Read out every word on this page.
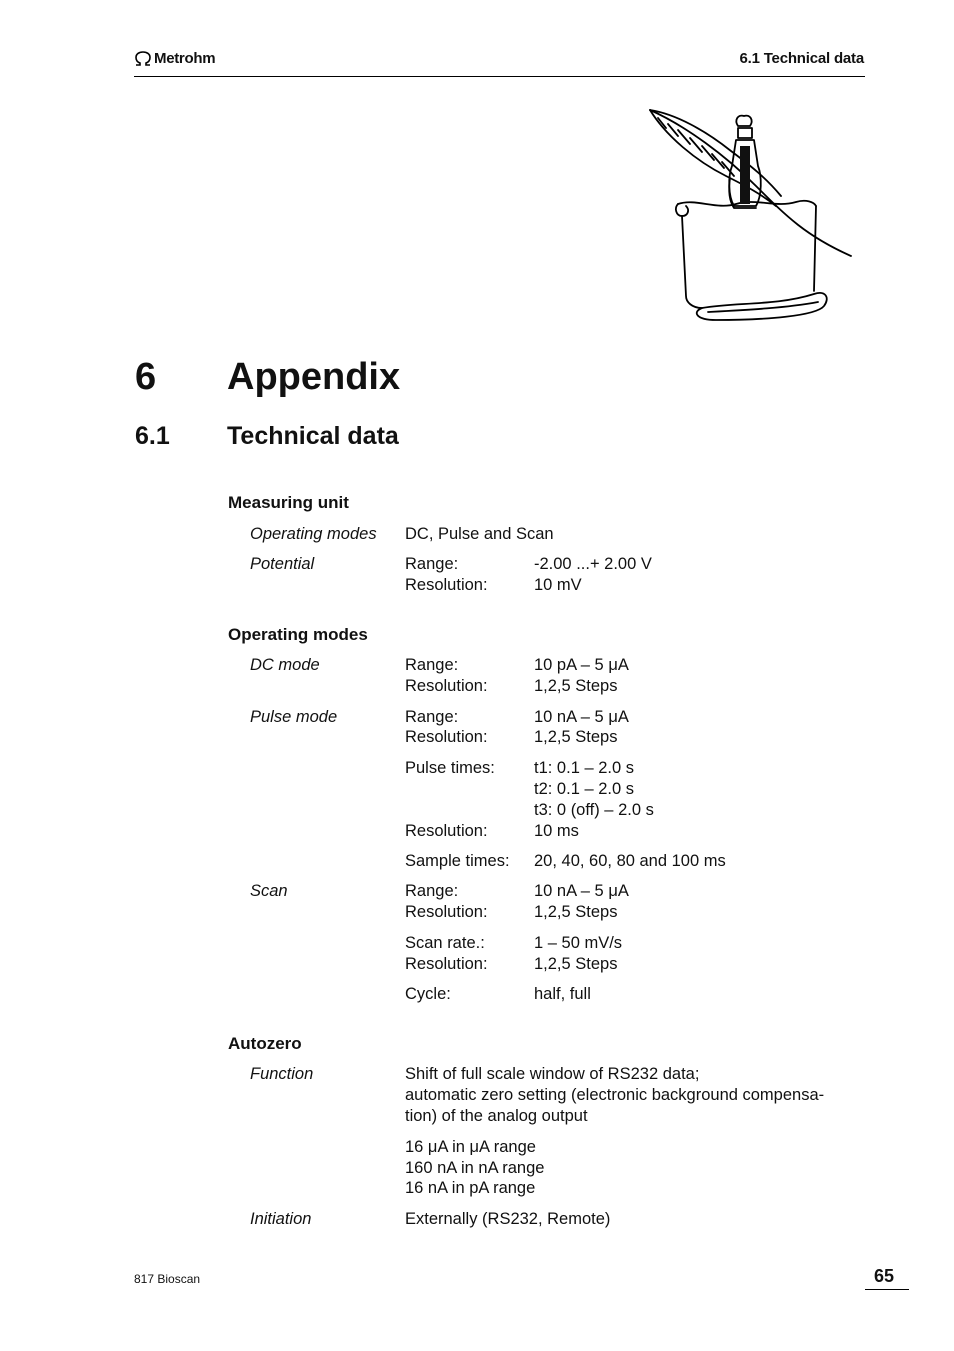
Metrohm	6.1 Technical data
6 Appendix
6.1 Technical data
Measuring unit
Operating modes DC, Pulse and Scan
Potential	Range:	-2.00 ...+ 2.00 V
Resolution:	10 mV
Operating modes
DC mode	Range:	10 pA – 5 μA
Resolution:	1,2,5 Steps
Pulse mode	Range:	10 nA – 5 μA
Resolution:	1,2,5 Steps
Pulse times: t1: 0.1 – 2.0 s
t2: 0.1 – 2.0 s
t3: 0 (off) – 2.0 s
Resolution:	10 ms
Sample times: 20, 40, 60, 80 and 100 ms
Scan	Range:	10 nA – 5 μA
Resolution:	1,2,5 Steps
Scan rate.:	1 – 50 mV/s
Resolution:	1,2,5 Steps
Cycle:	half, full
Autozero
Function	Shift of full scale window of RS232 data;
automatic zero setting (electronic background compensa-
tion) of the analog output
16 μA in μA range
160 nA in nA range
16 nA in pA range
Initiation	Externally (RS232, Remote)
817 Bioscan	65
